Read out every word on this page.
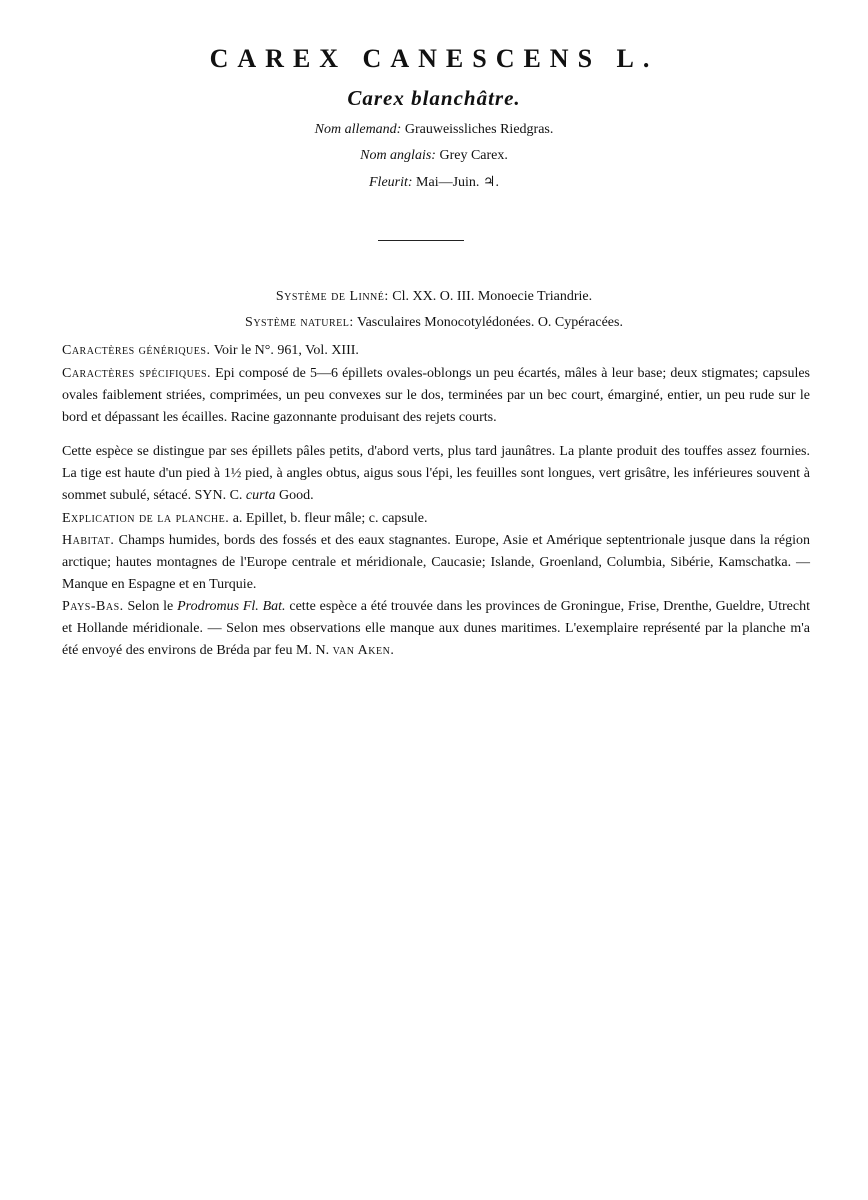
CAREX CANESCENS L.
Carex blanchâtre.
Nom allemand: Grauweissliches Riedgras.
Nom anglais: Grey Carex.
Fleurit: Mai—Juin. ♃.
Système de Linné: Cl. XX. O. III. Monoecie Triandrie.
Système naturel: Vasculaires Monocotylédonées. O. Cypéracées.
Caractères génériques. Voir le N°. 961, Vol. XIII.
Caractères spécifiques. Epi composé de 5—6 épillets ovales-oblongs un peu écartés, mâles à leur base; deux stigmates; capsules ovales faiblement striées, comprimées, un peu convexes sur le dos, terminées par un bec court, émarginé, entier, un peu rude sur le bord et dépassant les écailles. Racine gazonnante produisant des rejets courts.
Cette espèce se distingue par ses épillets pâles petits, d'abord verts, plus tard jaunâtres. La plante produit des touffes assez fournies. La tige est haute d'un pied à 1½ pied, à angles obtus, aigus sous l'épi, les feuilles sont longues, vert grisâtre, les inférieures souvent à sommet subulé, sétacé. SYN. C. curta Good.
Explication de la planche. a. Epillet, b. fleur mâle; c. capsule.
Habitat. Champs humides, bords des fossés et des eaux stagnantes. Europe, Asie et Amérique septentrionale jusque dans la région arctique; hautes montagnes de l'Europe centrale et méridionale, Caucasie; Islande, Groenland, Columbia, Sibérie, Kamschatka. — Manque en Espagne et en Turquie.
Pays-Bas. Selon le Prodromus Fl. Bat. cette espèce a été trouvée dans les provinces de Groningue, Frise, Drenthe, Gueldre, Utrecht et Hollande méridionale. — Selon mes observations elle manque aux dunes maritimes. L'exemplaire représenté par la planche m'a été envoyé des environs de Bréda par feu M. N. van Aken.
